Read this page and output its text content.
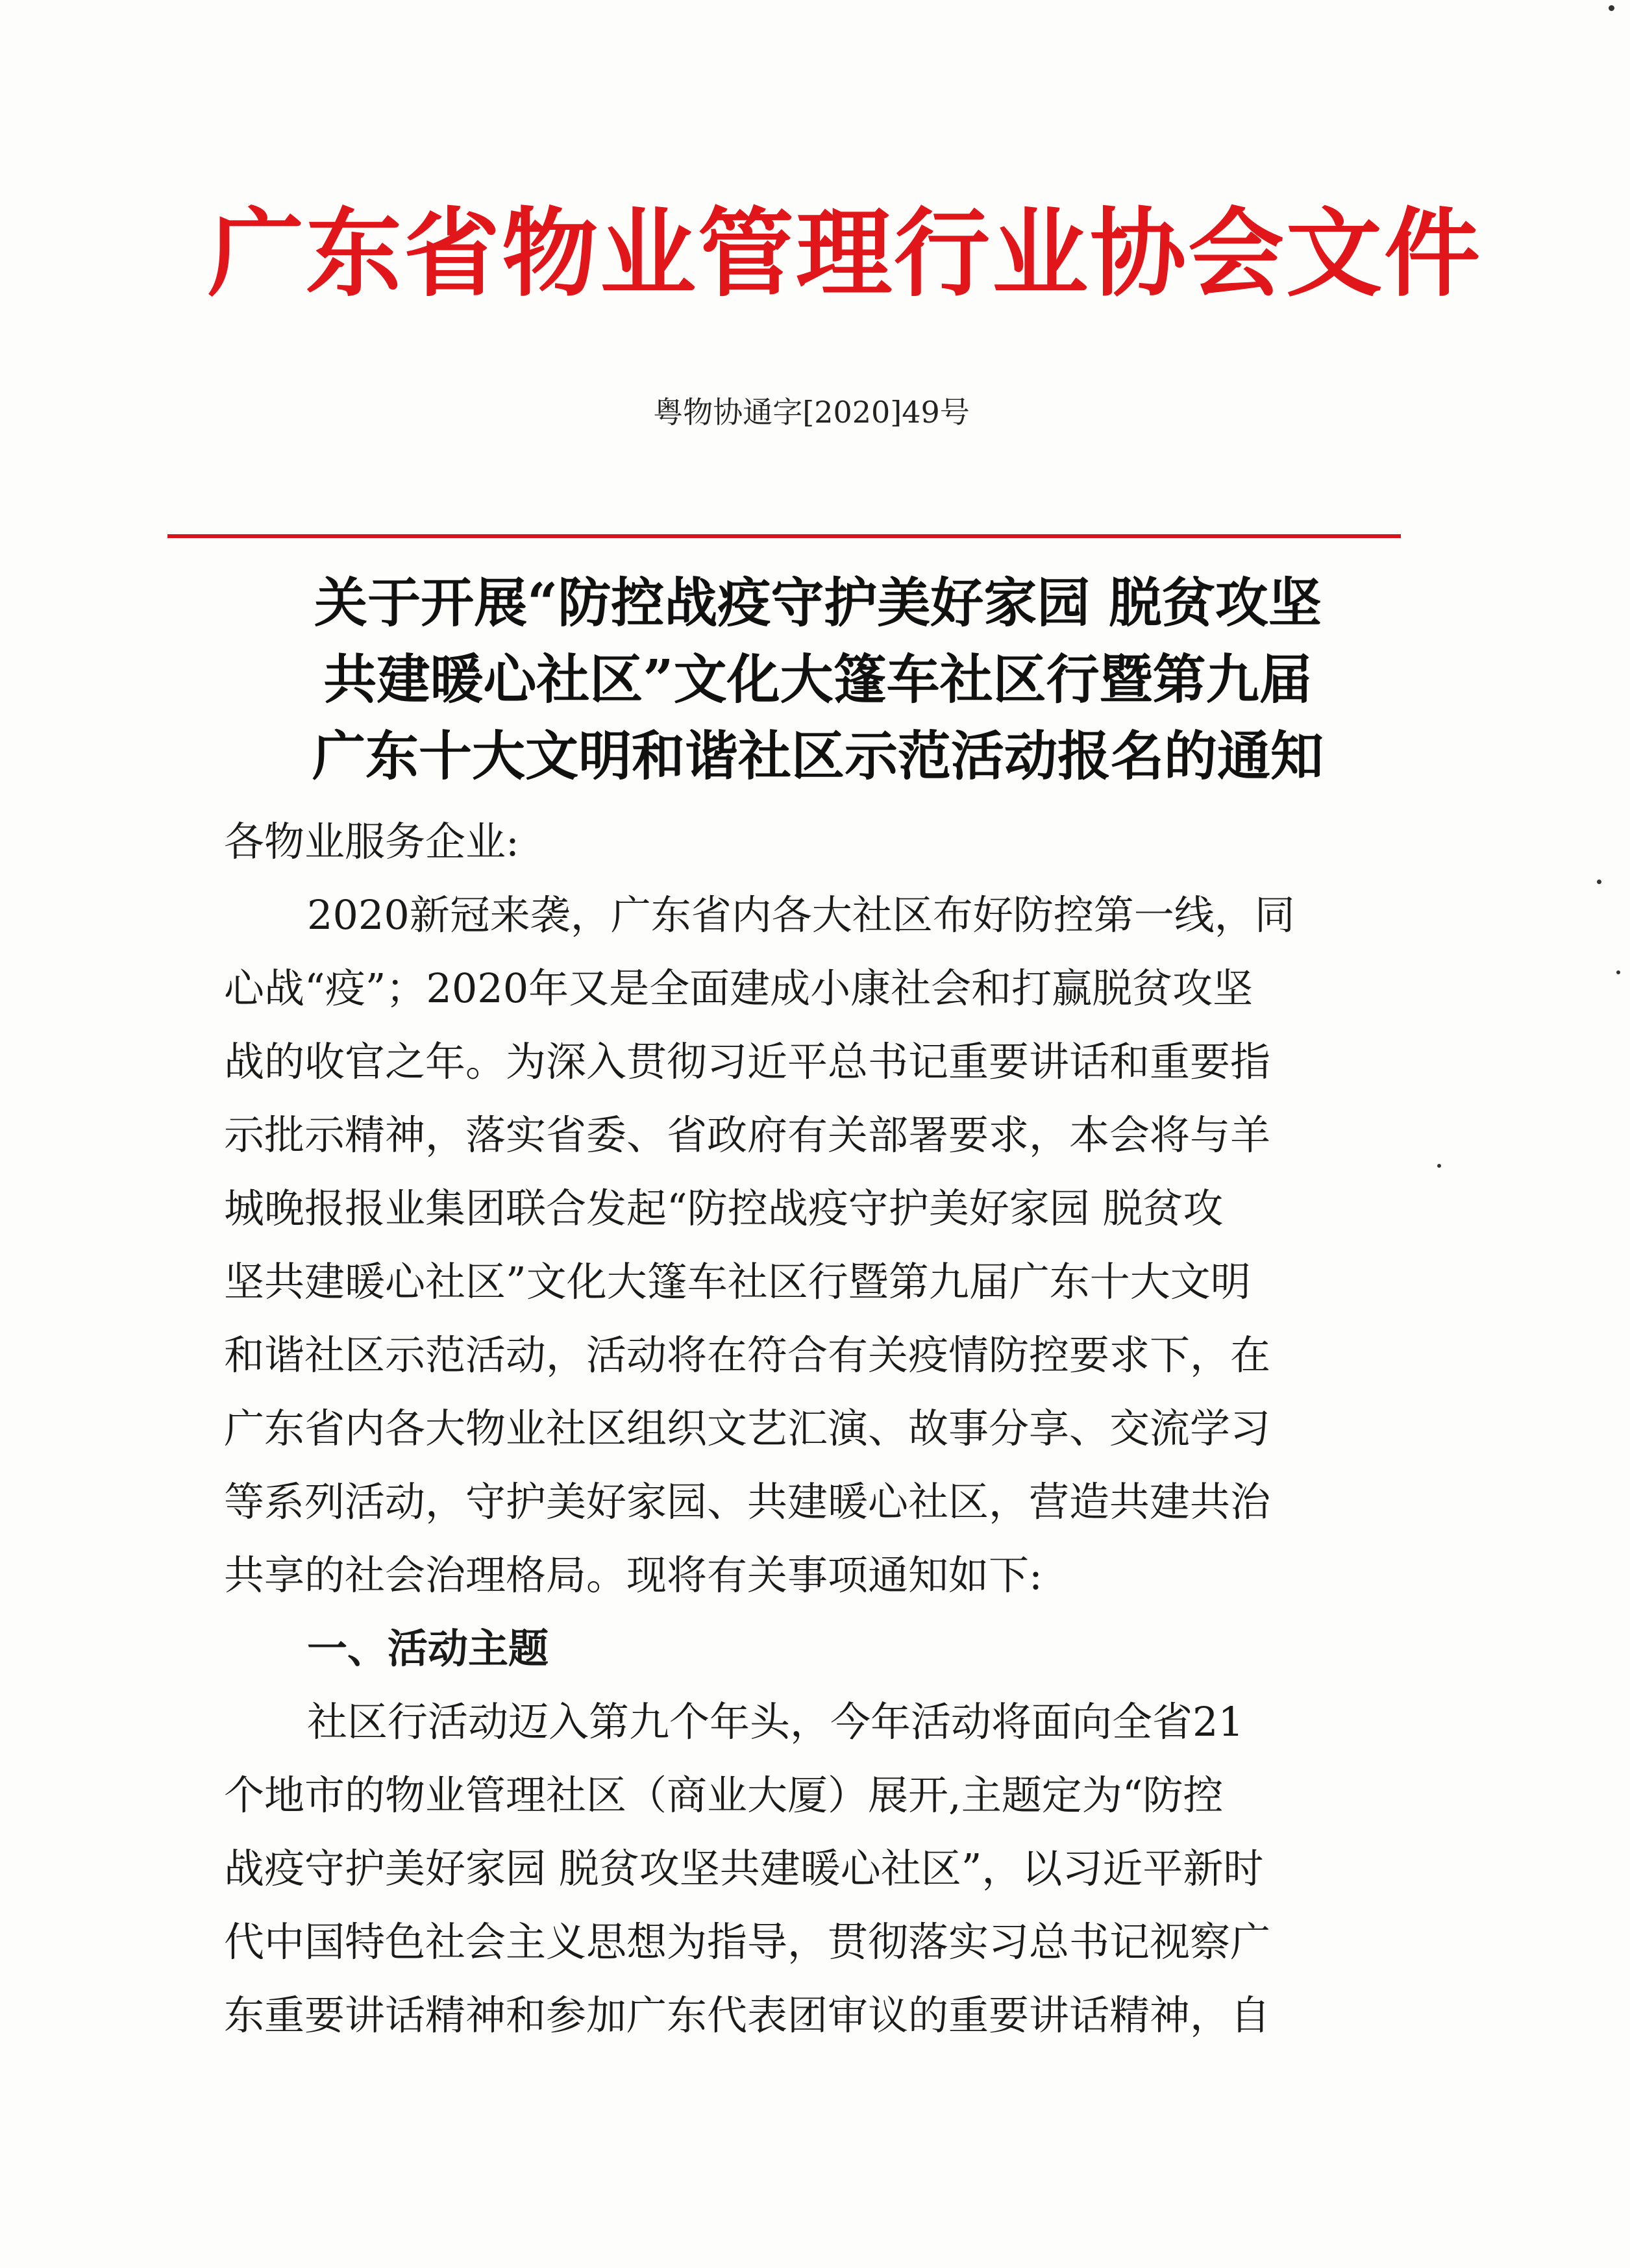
广东省物业管理行业协会文件
粤物协通字[2020]49号
关于开展“防控战疫守护美好家园 脱贫攻坚
共建暖心社区”文化大篷车社区行暨第九届
广东十大文明和谐社区示范活动报名的通知

各物业服务企业:

2020新冠来袭，广东省内各大社区布好防控第一线，同

心战“疫”；2020年又是全面建成小康社会和打赢脱贫攻坚

战的收官之年。为深入贯彻习近平总书记重要讲话和重要指

示批示精神，落实省委、省政府有关部署要求，本会将与羊

城晚报报业集团联合发起“防控战疫守护美好家园 脱贫攻

坚共建暖心社区”文化大篷车社区行暨第九届广东十大文明

和谐社区示范活动，活动将在符合有关疫情防控要求下，在

广东省内各大物业社区组织文艺汇演、故事分享、交流学习

等系列活动，守护美好家园、共建暖心社区，营造共建共治

共享的社会治理格局。现将有关事项通知如下:

一、活动主题

社区行活动迈入第九个年头，今年活动将面向全省21

个地市的物业管理社区（商业大厦）展开,主题定为“防控

战疫守护美好家园 脱贫攻坚共建暖心社区”，以习近平新时

代中国特色社会主义思想为指导，贯彻落实习总书记视察广

东重要讲话精神和参加广东代表团审议的重要讲话精神，自
